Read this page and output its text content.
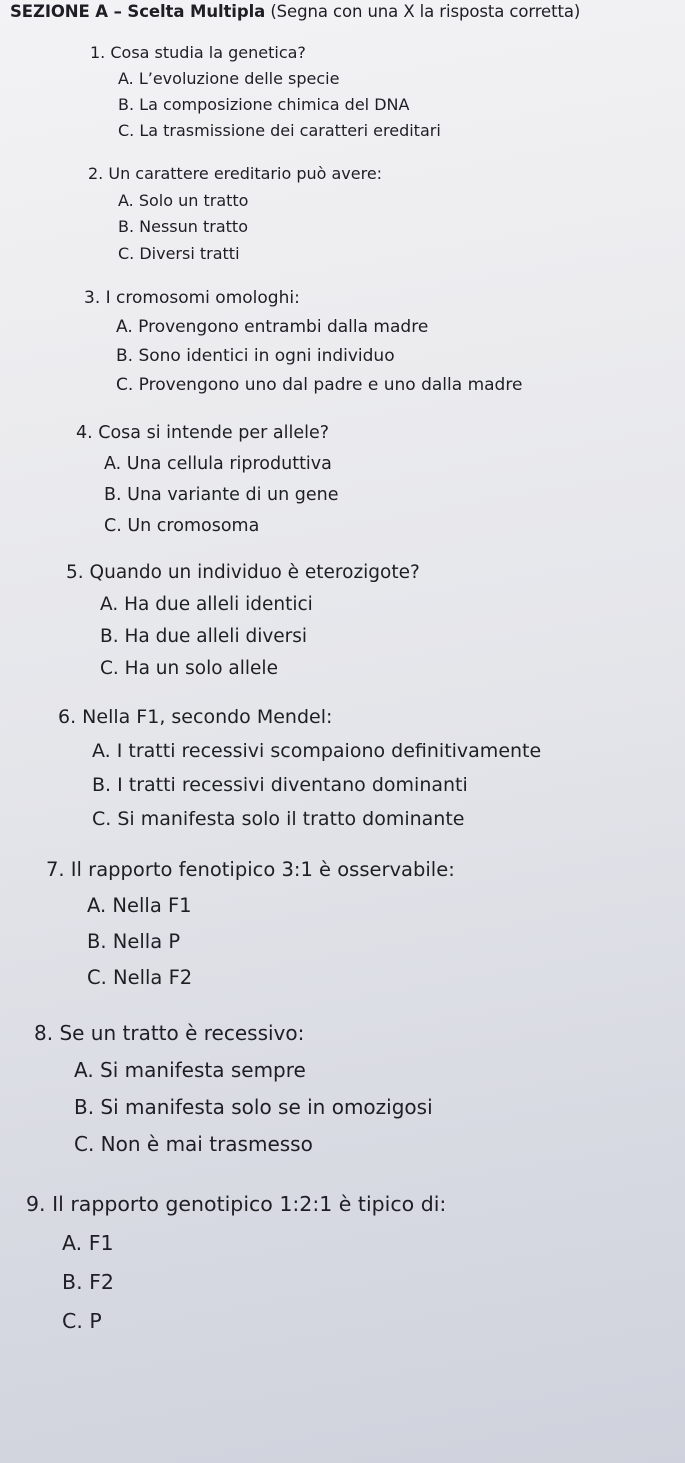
SEZIONE A – Scelta Multipla (Segna con una X la risposta corretta)
1. Cosa studia la genetica?
A. L’evoluzione delle specie
B. La composizione chimica del DNA
C. La trasmissione dei caratteri ereditari
2. Un carattere ereditario può avere:
A. Solo un tratto
B. Nessun tratto
C. Diversi tratti
3. I cromosomi omologhi:
A. Provengono entrambi dalla madre
B. Sono identici in ogni individuo
C. Provengono uno dal padre e uno dalla madre
4. Cosa si intende per allele?
A. Una cellula riproduttiva
B. Una variante di un gene
C. Un cromosoma
5. Quando un individuo è eterozigote?
A. Ha due alleli identici
B. Ha due alleli diversi
C. Ha un solo allele
6. Nella F1, secondo Mendel:
A. I tratti recessivi scompaiono definitivamente
B. I tratti recessivi diventano dominanti
C. Si manifesta solo il tratto dominante
7. Il rapporto fenotipico 3:1 è osservabile:
A. Nella F1
B. Nella P
C. Nella F2
8. Se un tratto è recessivo:
A. Si manifesta sempre
B. Si manifesta solo se in omozigosi
C. Non è mai trasmesso
9. Il rapporto genotipico 1:2:1 è tipico di:
A. F1
B. F2
C. P
